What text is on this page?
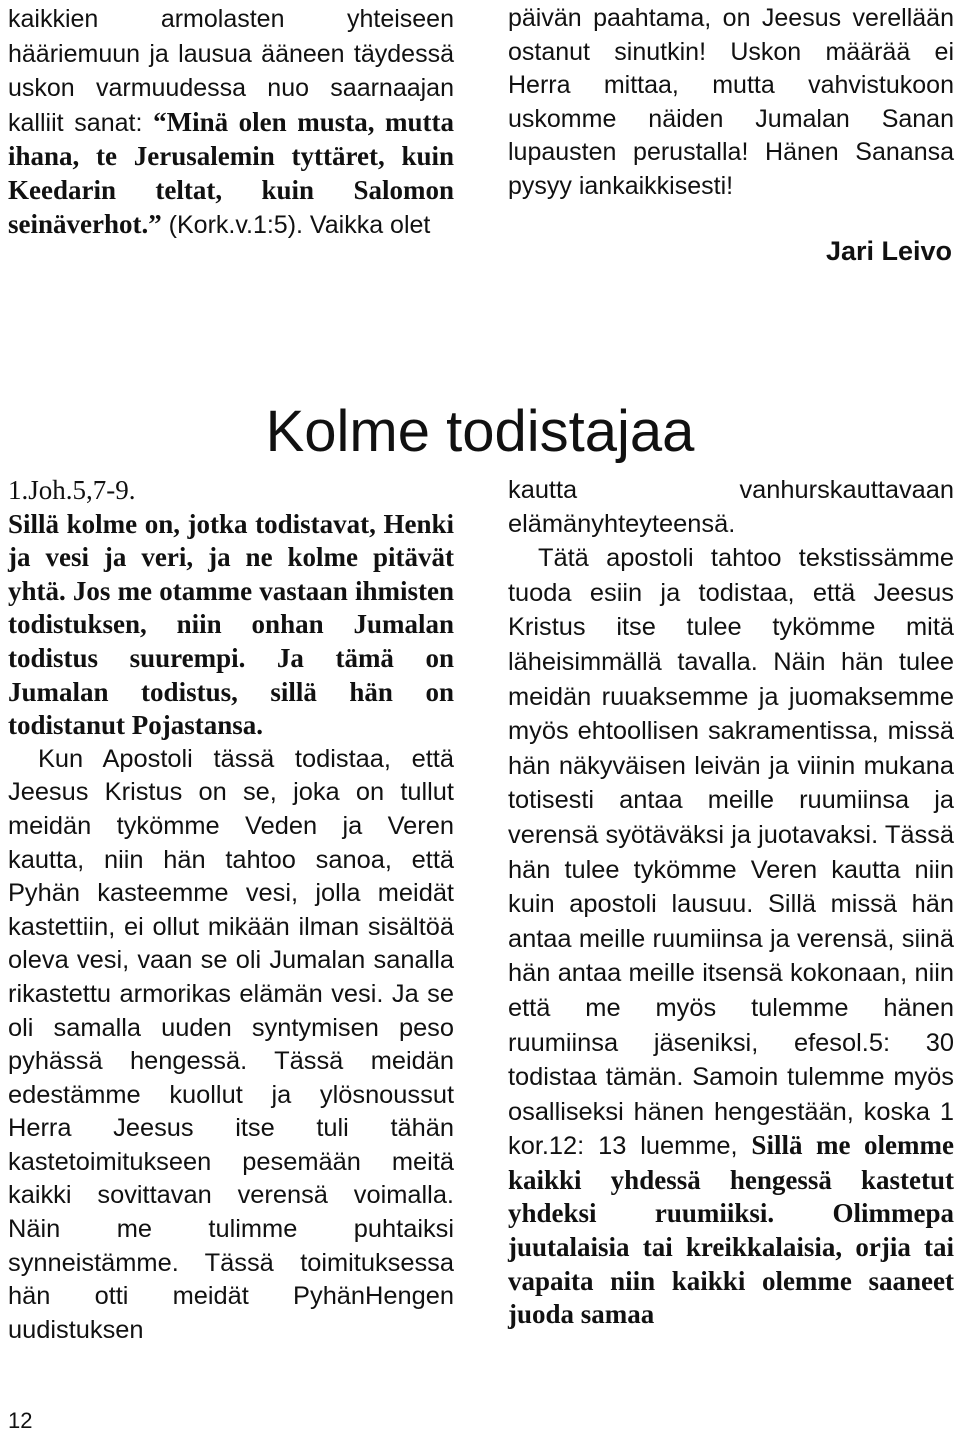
kaikkien armolasten yhteiseen hääriemuun ja lausua ääneen täydessä uskon varmuudessa nuo saarnaajan kalliit sanat: “Minä olen musta, mutta ihana, te Jerusalemin tyttäret, kuin Keedarin teltat, kuin Salomon seinäverhot.” (Kork.v.1:5). Vaikka olet

päivän paahtama, on Jeesus verellään ostanut sinutkin! Uskon määrää ei Herra mittaa, mutta vahvistukoon uskomme näiden Jumalan Sanan lupausten perustalla! Hänen Sanansa pysyy iankaikkisesti!

Jari Leivo
Kolme todistajaa

1.Joh.5,7-9.

Sillä kolme on, jotka todistavat, Henki ja vesi ja veri, ja ne kolme pitävät yhtä. Jos me otamme vastaan ihmisten todistuksen, niin onhan Jumalan todistus suurempi. Ja tämä on Jumalan todistus, sillä hän on todistanut Pojastansa.

Kun Apostoli tässä todistaa, että Jeesus Kristus on se, joka on tullut meidän tykömme Veden ja Veren kautta, niin hän tahtoo sanoa, että Pyhän kasteemme vesi, jolla meidät kastettiin, ei ollut mikään ilman sisältöä oleva vesi, vaan se oli Jumalan sanalla rikastettu armorikas elämän vesi. Ja se oli samalla uuden syntymisen peso pyhässä hengessä. Tässä meidän edestämme kuollut ja ylösnoussut Herra Jeesus itse tuli tähän kastetoimitukseen pesemään meitä kaikki sovittavan verensä voimalla. Näin me tulimme puhtaiksi synneistämme. Tässä toimituksessa hän otti meidät PyhänHengen uudistuksen

kautta vanhurskauttavaan elämänyhteyteensä.

Tätä apostoli tahtoo tekstissämme tuoda esiin ja todistaa, että Jeesus Kristus itse tulee tykömme mitä läheisimmällä tavalla. Näin hän tulee meidän ruuaksemme ja juomaksemme myös ehtoollisen sakramentissa, missä hän näkyväisen leivän ja viinin mukana totisesti antaa meille ruumiinsa ja verensä syötäväksi ja juotavaksi. Tässä hän tulee tykömme Veren kautta niin kuin apostoli lausuu. Sillä missä hän antaa meille ruumiinsa ja verensä, siinä hän antaa meille itsensä kokonaan, niin että me myös tulemme hänen ruumiinsa jäseniksi, efesol.5: 30 todistaa tämän. Samoin tulemme myös osalliseksi hänen hengestään, koska 1 kor.12: 13 luemme, Sillä me olemme kaikki yhdessä hengessä kastetut yhdeksi ruumiiksi. Olimmepa juutalaisia tai kreikkalaisia, orjia tai vapaita niin kaikki olemme saaneet juoda samaa

12
